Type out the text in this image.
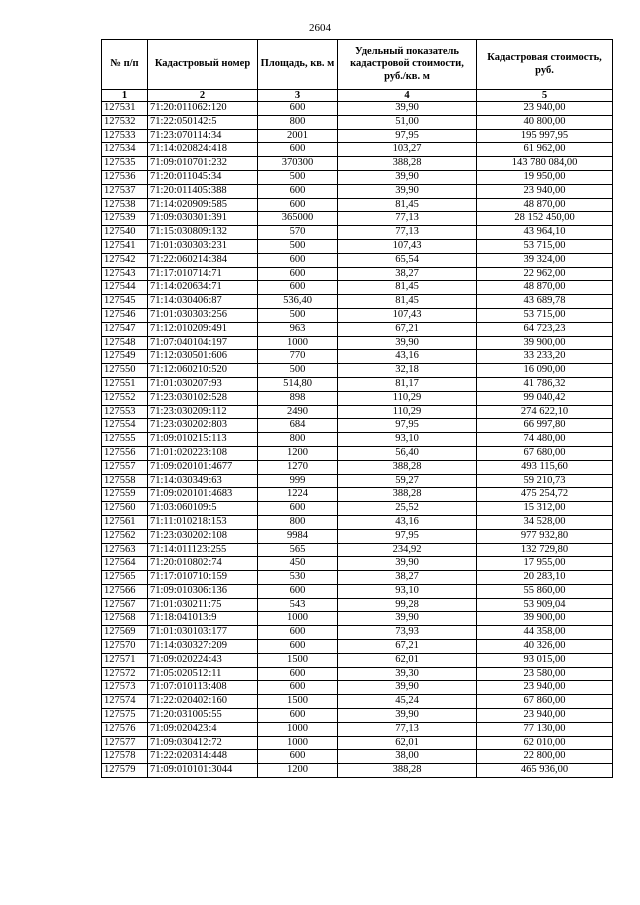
2604
№ п/п	Кадастровый номер	Площадь, кв. м	Удельный показатель кадастровой стоимости, руб./кв. м	Кадастровая стоимость, руб.
1	2	3	4	5
127531	71:20:011062:120	600	39,90	23 940,00
127532	71:22:050142:5	800	51,00	40 800,00
127533	71:23:070114:34	2001	97,95	195 997,95
127534	71:14:020824:418	600	103,27	61 962,00
127535	71:09:010701:232	370300	388,28	143 780 084,00
127536	71:20:011045:34	500	39,90	19 950,00
127537	71:20:011405:388	600	39,90	23 940,00
127538	71:14:020909:585	600	81,45	48 870,00
127539	71:09:030301:391	365000	77,13	28 152 450,00
127540	71:15:030809:132	570	77,13	43 964,10
127541	71:01:030303:231	500	107,43	53 715,00
127542	71:22:060214:384	600	65,54	39 324,00
127543	71:17:010714:71	600	38,27	22 962,00
127544	71:14:020634:71	600	81,45	48 870,00
127545	71:14:030406:87	536,40	81,45	43 689,78
127546	71:01:030303:256	500	107,43	53 715,00
127547	71:12:010209:491	963	67,21	64 723,23
127548	71:07:040104:197	1000	39,90	39 900,00
127549	71:12:030501:606	770	43,16	33 233,20
127550	71:12:060210:520	500	32,18	16 090,00
127551	71:01:030207:93	514,80	81,17	41 786,32
127552	71:23:030102:528	898	110,29	99 040,42
127553	71:23:030209:112	2490	110,29	274 622,10
127554	71:23:030202:803	684	97,95	66 997,80
127555	71:09:010215:113	800	93,10	74 480,00
127556	71:01:020223:108	1200	56,40	67 680,00
127557	71:09:020101:4677	1270	388,28	493 115,60
127558	71:14:030349:63	999	59,27	59 210,73
127559	71:09:020101:4683	1224	388,28	475 254,72
127560	71:03:060109:5	600	25,52	15 312,00
127561	71:11:010218:153	800	43,16	34 528,00
127562	71:23:030202:108	9984	97,95	977 932,80
127563	71:14:011123:255	565	234,92	132 729,80
127564	71:20:010802:74	450	39,90	17 955,00
127565	71:17:010710:159	530	38,27	20 283,10
127566	71:09:010306:136	600	93,10	55 860,00
127567	71:01:030211:75	543	99,28	53 909,04
127568	71:18:041013:9	1000	39,90	39 900,00
127569	71:01:030103:177	600	73,93	44 358,00
127570	71:14:030327:209	600	67,21	40 326,00
127571	71:09:020224:43	1500	62,01	93 015,00
127572	71:05:020512:11	600	39,30	23 580,00
127573	71:07:010113:408	600	39,90	23 940,00
127574	71:22:020402:160	1500	45,24	67 860,00
127575	71:20:031005:55	600	39,90	23 940,00
127576	71:09:020423:4	1000	77,13	77 130,00
127577	71:09:030412:72	1000	62,01	62 010,00
127578	71:22:020314:448	600	38,00	22 800,00
127579	71:09:010101:3044	1200	388,28	465 936,00
